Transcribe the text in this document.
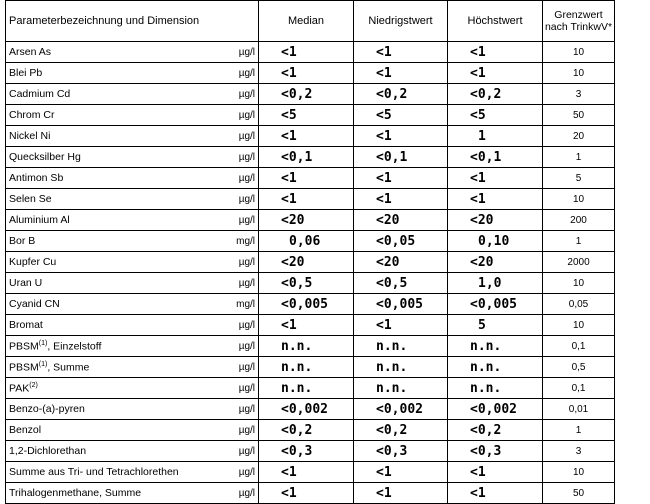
Parameterbezeichnung und Dimension		Median	Niedrigstwert	Höchstwert	Grenzwert nach TrinkwV*
Arsen As	µg/l	<1	<1	<1	10
Blei Pb	µg/l	<1	<1	<1	10
Cadmium Cd	µg/l	<0,2	<0,2	<0,2	3
Chrom Cr	µg/l	<5	<5	<5	50
Nickel Ni	µg/l	<1	<1	1	20
Quecksilber Hg	µg/l	<0,1	<0,1	<0,1	1
Antimon Sb	µg/l	<1	<1	<1	5
Selen Se	µg/l	<1	<1	<1	10
Aluminium Al	µg/l	<20	<20	<20	200
Bor B	mg/l	0,06	<0,05	0,10	1
Kupfer Cu	µg/l	<20	<20	<20	2000
Uran U	µg/l	<0,5	<0,5	1,0	10
Cyanid CN	mg/l	<0,005	<0,005	<0,005	0,05
Bromat	µg/l	<1	<1	5	10
PBSM$^{(1)}$, Einzelstoff	µg/l	n.n.	n.n.	n.n.	0,1
PBSM$^{(1)}$, Summe	µg/l	n.n.	n.n.	n.n.	0,5
PAK$^{(2)}$	µg/l	n.n.	n.n.	n.n.	0,1
Benzo-(a)-pyren	µg/l	<0,002	<0,002	<0,002	0,01
Benzol	µg/l	<0,2	<0,2	<0,2	1
1,2-Dichlorethan	µg/l	<0,3	<0,3	<0,3	3
Summe aus Tri- und Tetrachlorethen	µg/l	<1	<1	<1	10
Trihalogenmethane, Summe	µg/l	<1	<1	<1	50
